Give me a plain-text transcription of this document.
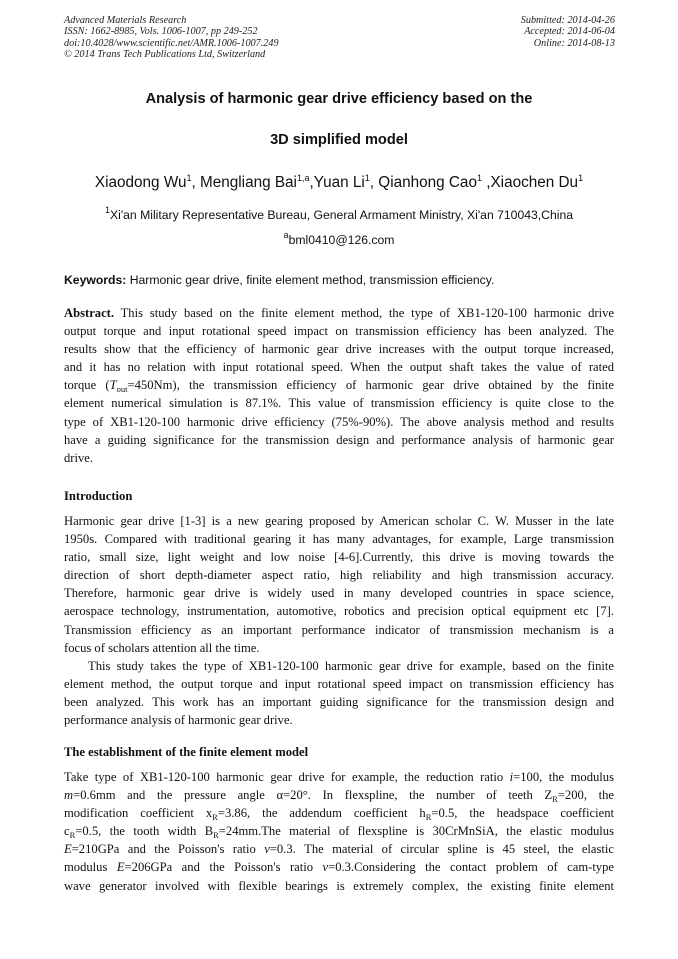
Advanced Materials Research
ISSN: 1662-8985, Vols. 1006-1007, pp 249-252
doi:10.4028/www.scientific.net/AMR.1006-1007.249
© 2014 Trans Tech Publications Ltd, Switzerland
Submitted: 2014-04-26
Accepted: 2014-06-04
Online: 2014-08-13
Analysis of harmonic gear drive efficiency based on the
3D simplified model
Xiaodong Wu$^1$, Mengliang Bai$^{1,a}$,Yuan Li$^1$, Qianhong Cao$^1$ ,Xiaochen Du$^1$
$^1$Xi'an Military Representative Bureau, General Armament Ministry, Xi'an 710043,China
$^a$bml0410@126.com
Keywords: Harmonic gear drive, finite element method, transmission efficiency.
Abstract. This study based on the finite element method, the type of XB1-120-100 harmonic drive
output torque and input rotational speed impact on transmission efficiency has been analyzed. The
results show that the efficiency of harmonic gear drive increases with the output torque increased,
and it has no relation with input rotational speed. When the output shaft takes the value of rated
torque $(T_{out}=450Nm)$, the transmission efficiency of harmonic gear drive obtained by the finite
element numerical simulation is 87.1%. This value of transmission efficiency is quite close to the
type of XB1-120-100 harmonic drive efficiency (75%-90%). The above analysis method and results
have a guiding significance for the transmission design and performance analysis of harmonic gear
drive.
Introduction
Harmonic gear drive [1-3] is a new gearing proposed by American scholar C. W. Musser in the late
1950s. Compared with traditional gearing it has many advantages, for example, Large transmission
ratio, small size, light weight and low noise [4-6].Currently, this drive is moving towards the
direction of short depth-diameter aspect ratio, high reliability and high transmission accuracy.
Therefore, harmonic gear drive is widely used in many developed countries in space science,
aerospace technology, instrumentation, automotive, robotics and precision optical equipment etc [7].
Transmission efficiency as an important performance indicator of transmission mechanism is a
focus of scholars attention all the time.
This study takes the type of XB1-120-100 harmonic gear drive for example, based on the finite
element method, the output torque and input rotational speed impact on transmission efficiency has
been analyzed. This work has an important guiding significance for the transmission design and
performance analysis of harmonic gear drive.
The establishment of the finite element model
Take type of XB1-120-100 harmonic gear drive for example, the reduction ratio i=100, the modulus
m=0.6mm and the pressure angle α=20°. In flexspline, the number of teeth $Z_R=200$, the
modification coefficient $x_R=3.86$, the addendum coefficient $h_R=0.5$, the headspace coefficient
$c_R=0.5$, the tooth width $B_R=24mm.The$ material of flexspline is 30CrMnSiA, the elastic modulus
E=210GPa and the Poisson's ratio ν=0.3. The material of circular spline is 45 steel, the elastic
modulus E=206GPa and the Poisson's ratio ν=0.3.Considering the contact problem of cam-type
wave generator involved with flexible bearings is extremely complex, the existing finite element
